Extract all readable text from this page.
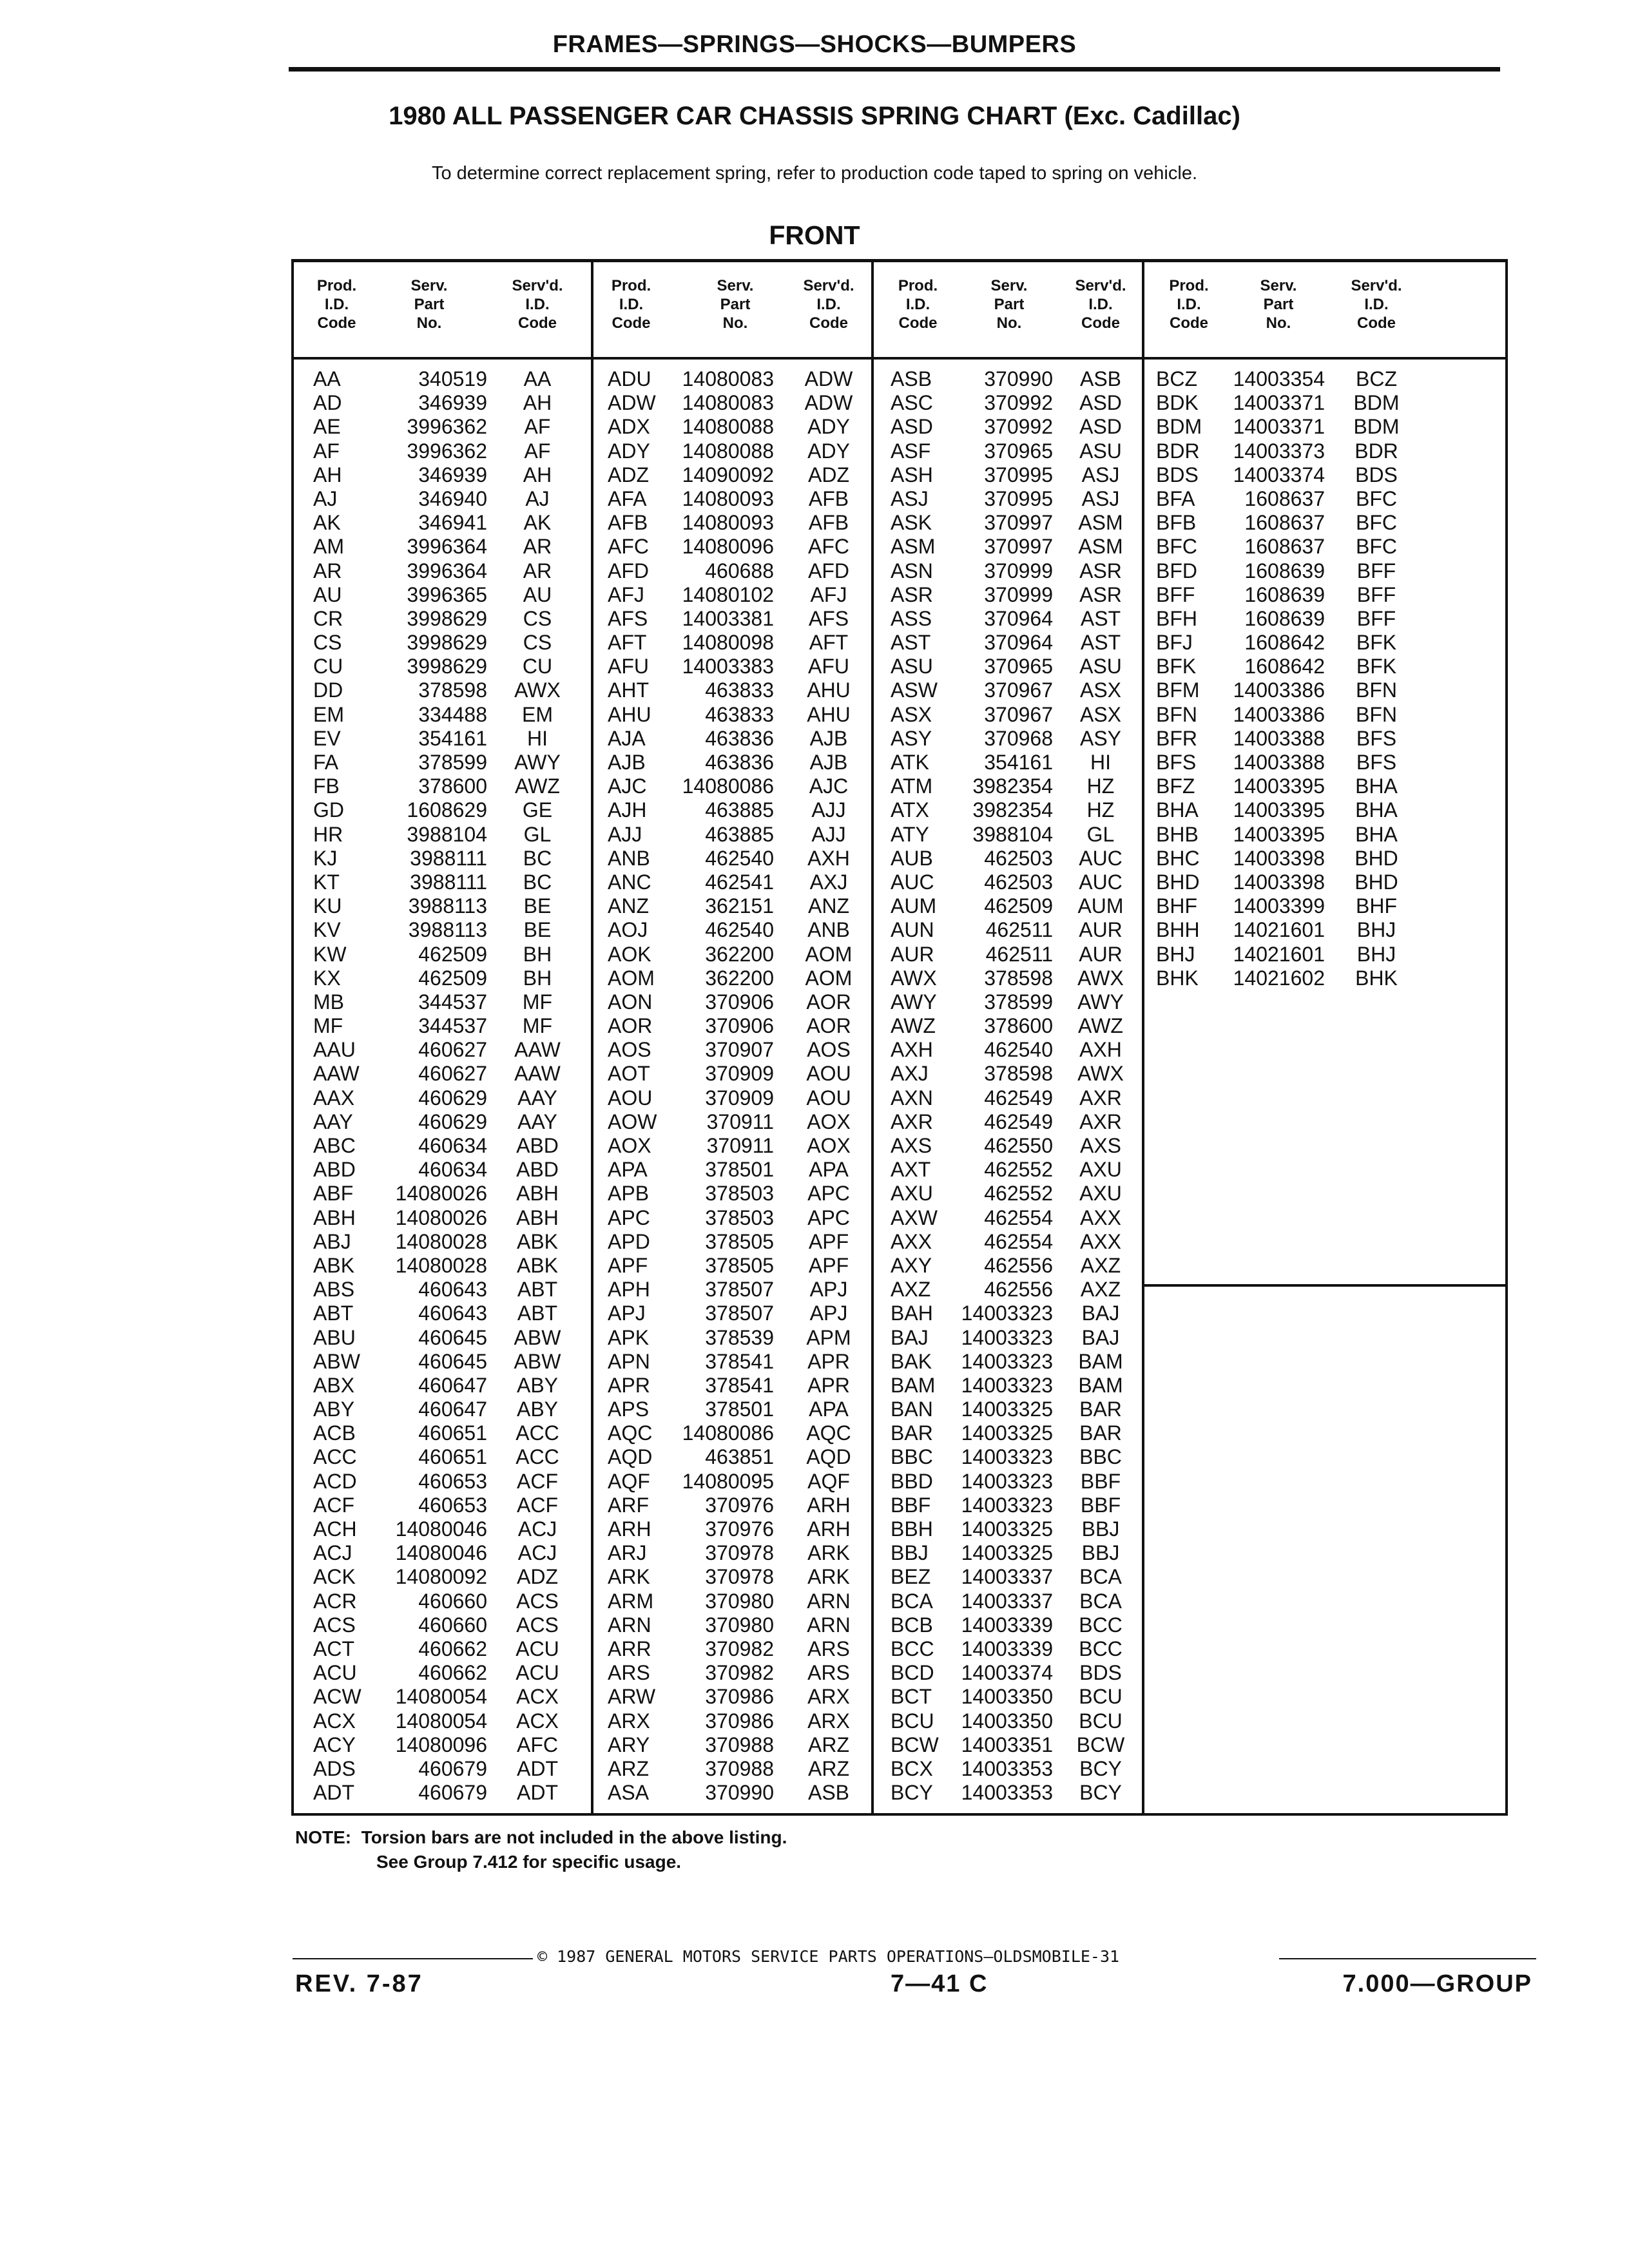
FRAMES—SPRINGS—SHOCKS—BUMPERS
1980 ALL PASSENGER CAR CHASSIS SPRING CHART (Exc. Cadillac)
To determine correct replacement spring, refer to production code taped to spring on vehicle.
FRONT
Prod.
I.D.
Code
Serv.
Part
No.
Serv'd.
I.D.
Code
AA
AD
AE
AF
AH
AJ
AK
AM
AR
AU
CR
CS
CU
DD
EM
EV
FA
FB
GD
HR
KJ
KT
KU
KV
KW
KX
MB
MF
AAU
AAW
AAX
AAY
ABC
ABD
ABF
ABH
ABJ
ABK
ABS
ABT
ABU
ABW
ABX
ABY
ACB
ACC
ACD
ACF
ACH
ACJ
ACK
ACR
ACS
ACT
ACU
ACW
ACX
ACY
ADS
ADT
340519
346939
3996362
3996362
346939
346940
346941
3996364
3996364
3996365
3998629
3998629
3998629
378598
334488
354161
378599
378600
1608629
3988104
3988111
3988111
3988113
3988113
462509
462509
344537
344537
460627
460627
460629
460629
460634
460634
14080026
14080026
14080028
14080028
460643
460643
460645
460645
460647
460647
460651
460651
460653
460653
14080046
14080046
14080092
460660
460660
460662
460662
14080054
14080054
14080096
460679
460679
AA
AH
AF
AF
AH
AJ
AK
AR
AR
AU
CS
CS
CU
AWX
EM
HI
AWY
AWZ
GE
GL
BC
BC
BE
BE
BH
BH
MF
MF
AAW
AAW
AAY
AAY
ABD
ABD
ABH
ABH
ABK
ABK
ABT
ABT
ABW
ABW
ABY
ABY
ACC
ACC
ACF
ACF
ACJ
ACJ
ADZ
ACS
ACS
ACU
ACU
ACX
ACX
AFC
ADT
ADT
Prod.
I.D.
Code
Serv.
Part
No.
Serv'd.
I.D.
Code
ADU
ADW
ADX
ADY
ADZ
AFA
AFB
AFC
AFD
AFJ
AFS
AFT
AFU
AHT
AHU
AJA
AJB
AJC
AJH
AJJ
ANB
ANC
ANZ
AOJ
AOK
AOM
AON
AOR
AOS
AOT
AOU
AOW
AOX
APA
APB
APC
APD
APF
APH
APJ
APK
APN
APR
APS
AQC
AQD
AQF
ARF
ARH
ARJ
ARK
ARM
ARN
ARR
ARS
ARW
ARX
ARY
ARZ
ASA
14080083
14080083
14080088
14080088
14090092
14080093
14080093
14080096
460688
14080102
14003381
14080098
14003383
463833
463833
463836
463836
14080086
463885
463885
462540
462541
362151
462540
362200
362200
370906
370906
370907
370909
370909
370911
370911
378501
378503
378503
378505
378505
378507
378507
378539
378541
378541
378501
14080086
463851
14080095
370976
370976
370978
370978
370980
370980
370982
370982
370986
370986
370988
370988
370990
ADW
ADW
ADY
ADY
ADZ
AFB
AFB
AFC
AFD
AFJ
AFS
AFT
AFU
AHU
AHU
AJB
AJB
AJC
AJJ
AJJ
AXH
AXJ
ANZ
ANB
AOM
AOM
AOR
AOR
AOS
AOU
AOU
AOX
AOX
APA
APC
APC
APF
APF
APJ
APJ
APM
APR
APR
APA
AQC
AQD
AQF
ARH
ARH
ARK
ARK
ARN
ARN
ARS
ARS
ARX
ARX
ARZ
ARZ
ASB
Prod.
I.D.
Code
Serv.
Part
No.
Serv'd.
I.D.
Code
ASB
ASC
ASD
ASF
ASH
ASJ
ASK
ASM
ASN
ASR
ASS
AST
ASU
ASW
ASX
ASY
ATK
ATM
ATX
ATY
AUB
AUC
AUM
AUN
AUR
AWX
AWY
AWZ
AXH
AXJ
AXN
AXR
AXS
AXT
AXU
AXW
AXX
AXY
AXZ
BAH
BAJ
BAK
BAM
BAN
BAR
BBC
BBD
BBF
BBH
BBJ
BEZ
BCA
BCB
BCC
BCD
BCT
BCU
BCW
BCX
BCY
370990
370992
370992
370965
370995
370995
370997
370997
370999
370999
370964
370964
370965
370967
370967
370968
354161
3982354
3982354
3988104
462503
462503
462509
462511
462511
378598
378599
378600
462540
378598
462549
462549
462550
462552
462552
462554
462554
462556
462556
14003323
14003323
14003323
14003323
14003325
14003325
14003323
14003323
14003323
14003325
14003325
14003337
14003337
14003339
14003339
14003374
14003350
14003350
14003351
14003353
14003353
ASB
ASD
ASD
ASU
ASJ
ASJ
ASM
ASM
ASR
ASR
AST
AST
ASU
ASX
ASX
ASY
HI
HZ
HZ
GL
AUC
AUC
AUM
AUR
AUR
AWX
AWY
AWZ
AXH
AWX
AXR
AXR
AXS
AXU
AXU
AXX
AXX
AXZ
AXZ
BAJ
BAJ
BAM
BAM
BAR
BAR
BBC
BBF
BBF
BBJ
BBJ
BCA
BCA
BCC
BCC
BDS
BCU
BCU
BCW
BCY
BCY
Prod.
I.D.
Code
Serv.
Part
No.
Serv'd.
I.D.
Code
BCZ
BDK
BDM
BDR
BDS
BFA
BFB
BFC
BFD
BFF
BFH
BFJ
BFK
BFM
BFN
BFR
BFS
BFZ
BHA
BHB
BHC
BHD
BHF
BHH
BHJ
BHK
14003354
14003371
14003371
14003373
14003374
1608637
1608637
1608637
1608639
1608639
1608639
1608642
1608642
14003386
14003386
14003388
14003388
14003395
14003395
14003395
14003398
14003398
14003399
14021601
14021601
14021602
BCZ
BDM
BDM
BDR
BDS
BFC
BFC
BFC
BFF
BFF
BFF
BFK
BFK
BFN
BFN
BFS
BFS
BHA
BHA
BHA
BHD
BHD
BHF
BHJ
BHJ
BHK
NOTE: Torsion bars are not included in the above listing.
See Group 7.412 for specific usage.
© 1987 GENERAL MOTORS SERVICE PARTS OPERATIONS—OLDSMOBILE-31
REV. 7-87	7—41 C	7.000—GROUP
